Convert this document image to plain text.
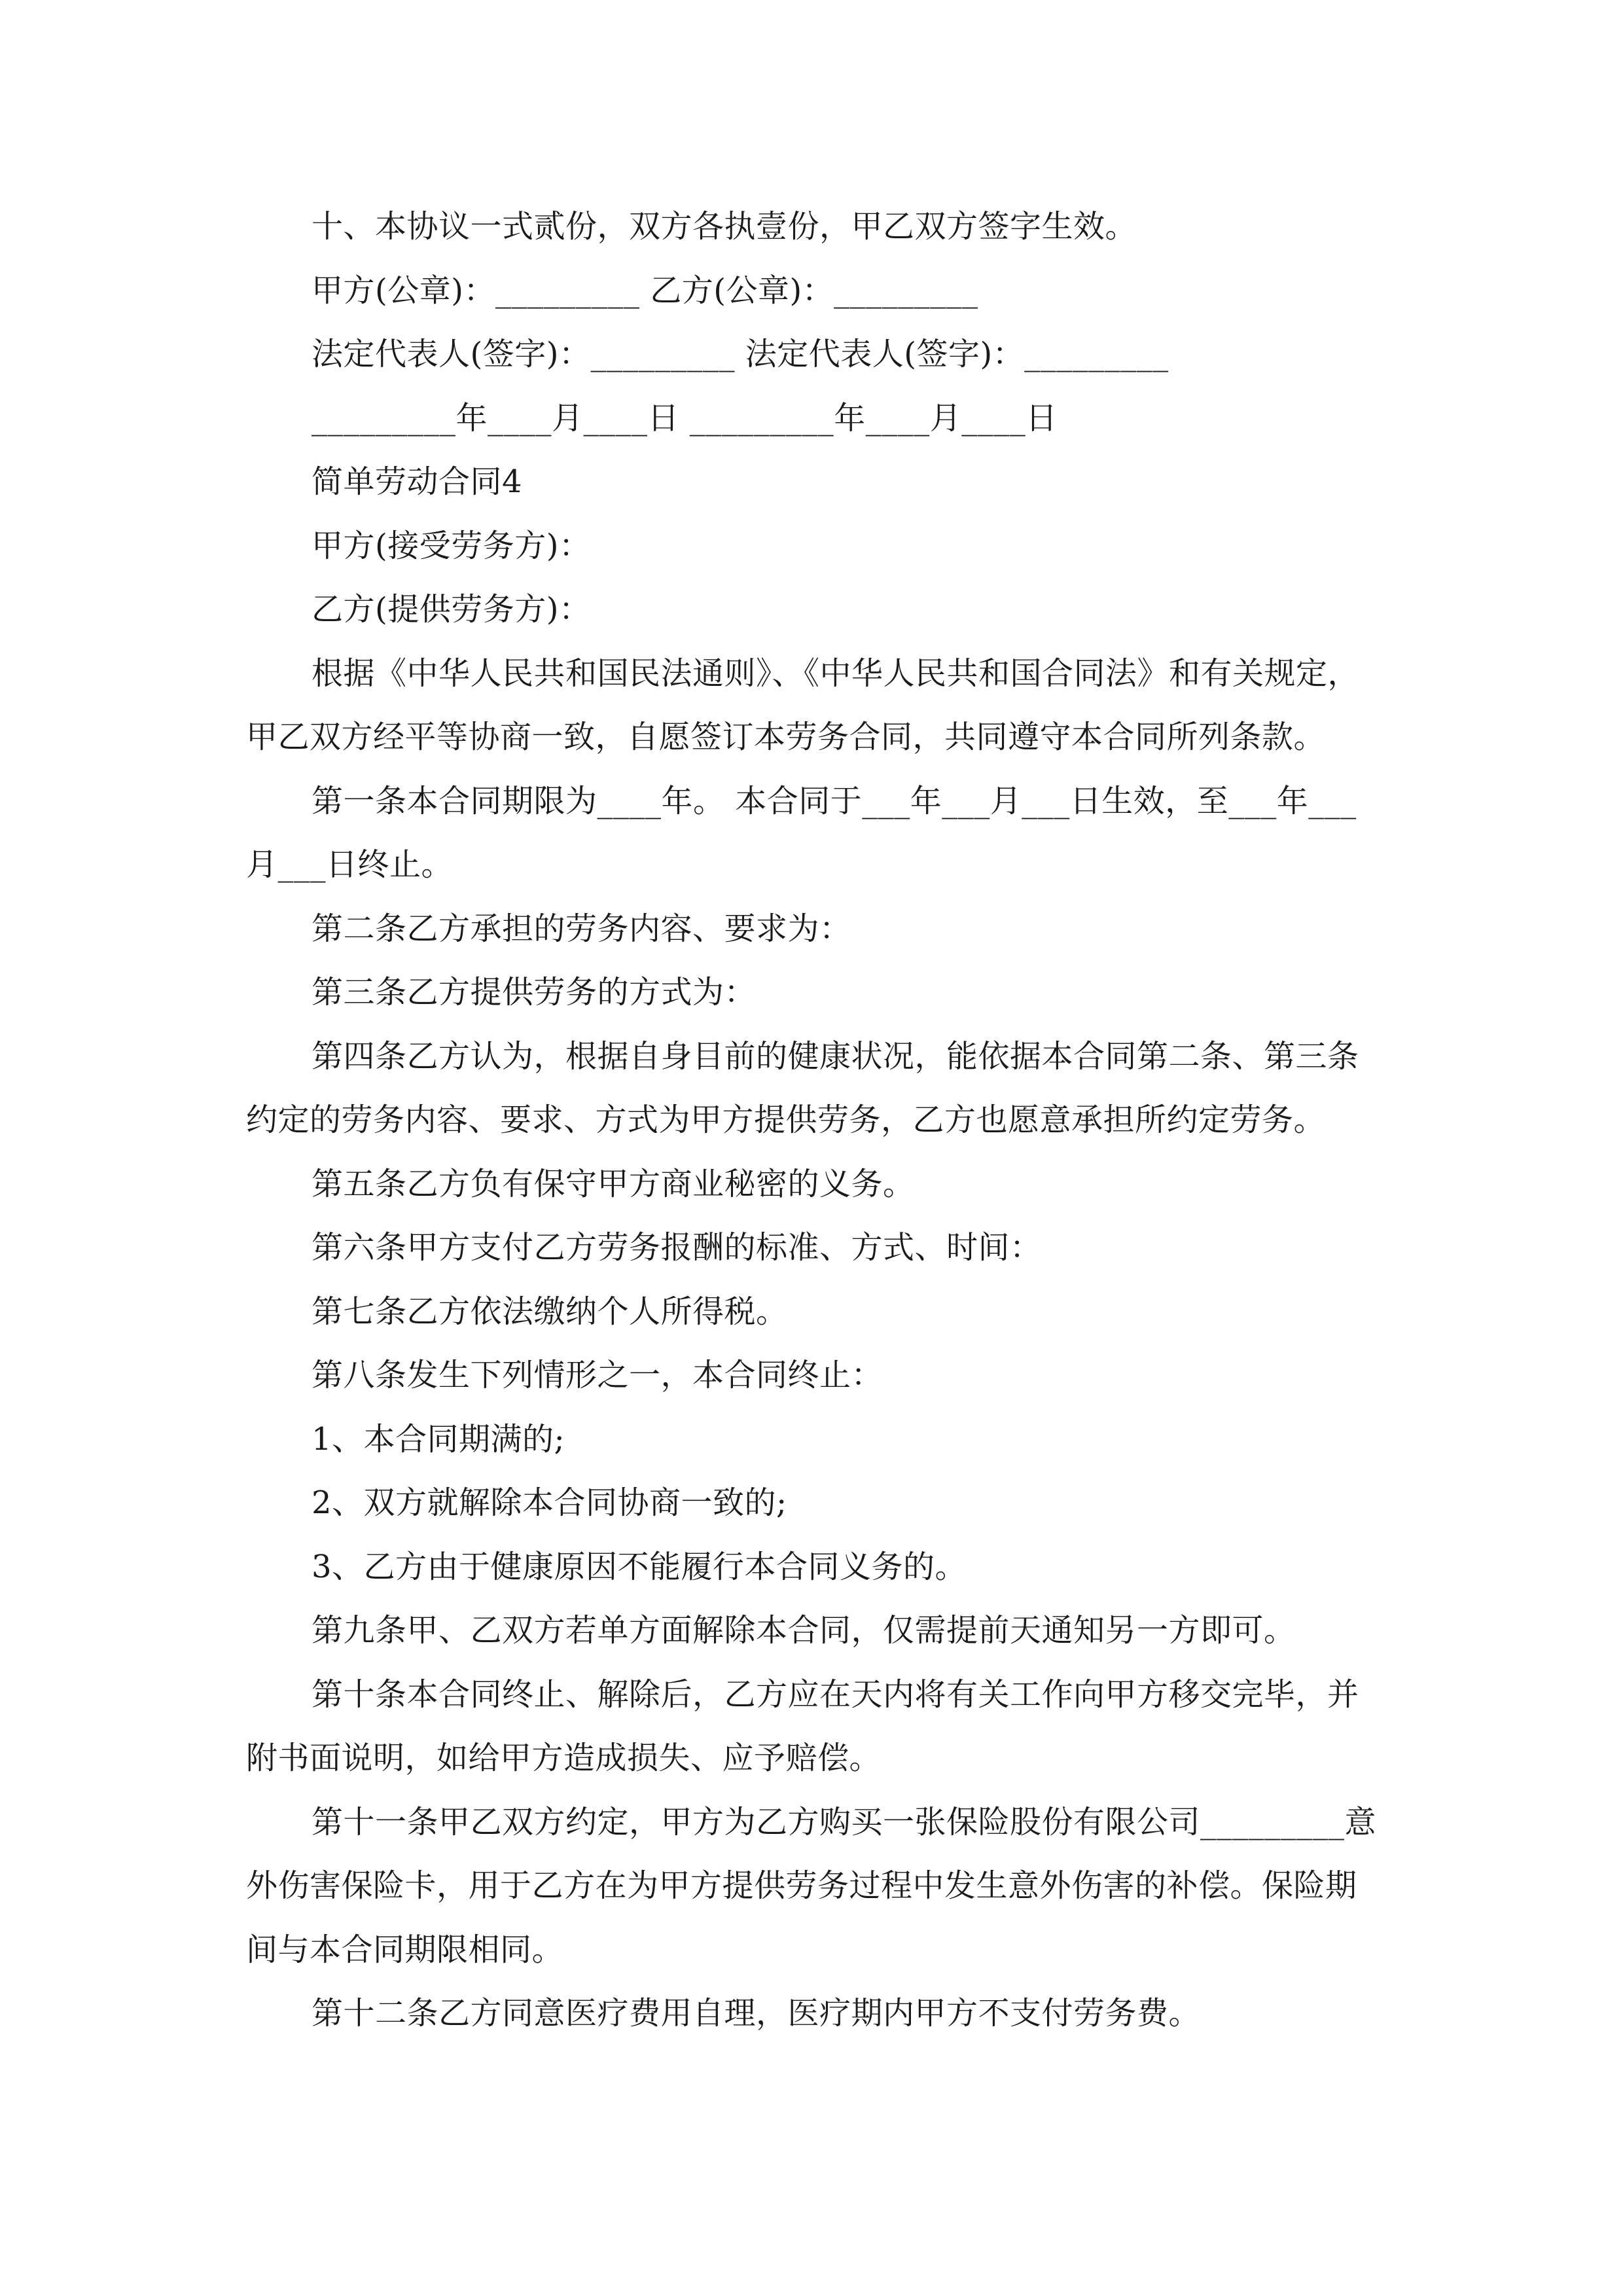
十、本协议一式贰份，双方各执壹份，甲乙双方签字生效。

甲方(公章)：_________ 乙方(公章)：_________

法定代表人(签字)：_________ 法定代表人(签字)：_________

_________年____月____日 _________年____月____日

简单劳动合同4

甲方(接受劳务方)：

乙方(提供劳务方)：

根据《中华人民共和国民法通则》、《中华人民共和国合同法》和有关规定，甲乙双方经平等协商一致，自愿签订本劳务合同，共同遵守本合同所列条款。

第一条本合同期限为____年。 本合同于___年___月___日生效，至___年___月___日终止。

第二条乙方承担的劳务内容、要求为：

第三条乙方提供劳务的方式为：

第四条乙方认为，根据自身目前的健康状况，能依据本合同第二条、第三条约定的劳务内容、要求、方式为甲方提供劳务，乙方也愿意承担所约定劳务。

第五条乙方负有保守甲方商业秘密的义务。

第六条甲方支付乙方劳务报酬的标准、方式、时间：

第七条乙方依法缴纳个人所得税。

第八条发生下列情形之一，本合同终止：

1、本合同期满的;

2、双方就解除本合同协商一致的;

3、乙方由于健康原因不能履行本合同义务的。

第九条甲、乙双方若单方面解除本合同，仅需提前天通知另一方即可。

第十条本合同终止、解除后，乙方应在天内将有关工作向甲方移交完毕，并附书面说明，如给甲方造成损失、应予赔偿。

第十一条甲乙双方约定，甲方为乙方购买一张保险股份有限公司_________意外伤害保险卡，用于乙方在为甲方提供劳务过程中发生意外伤害的补偿。保险期间与本合同期限相同。

第十二条乙方同意医疗费用自理，医疗期内甲方不支付劳务费。
